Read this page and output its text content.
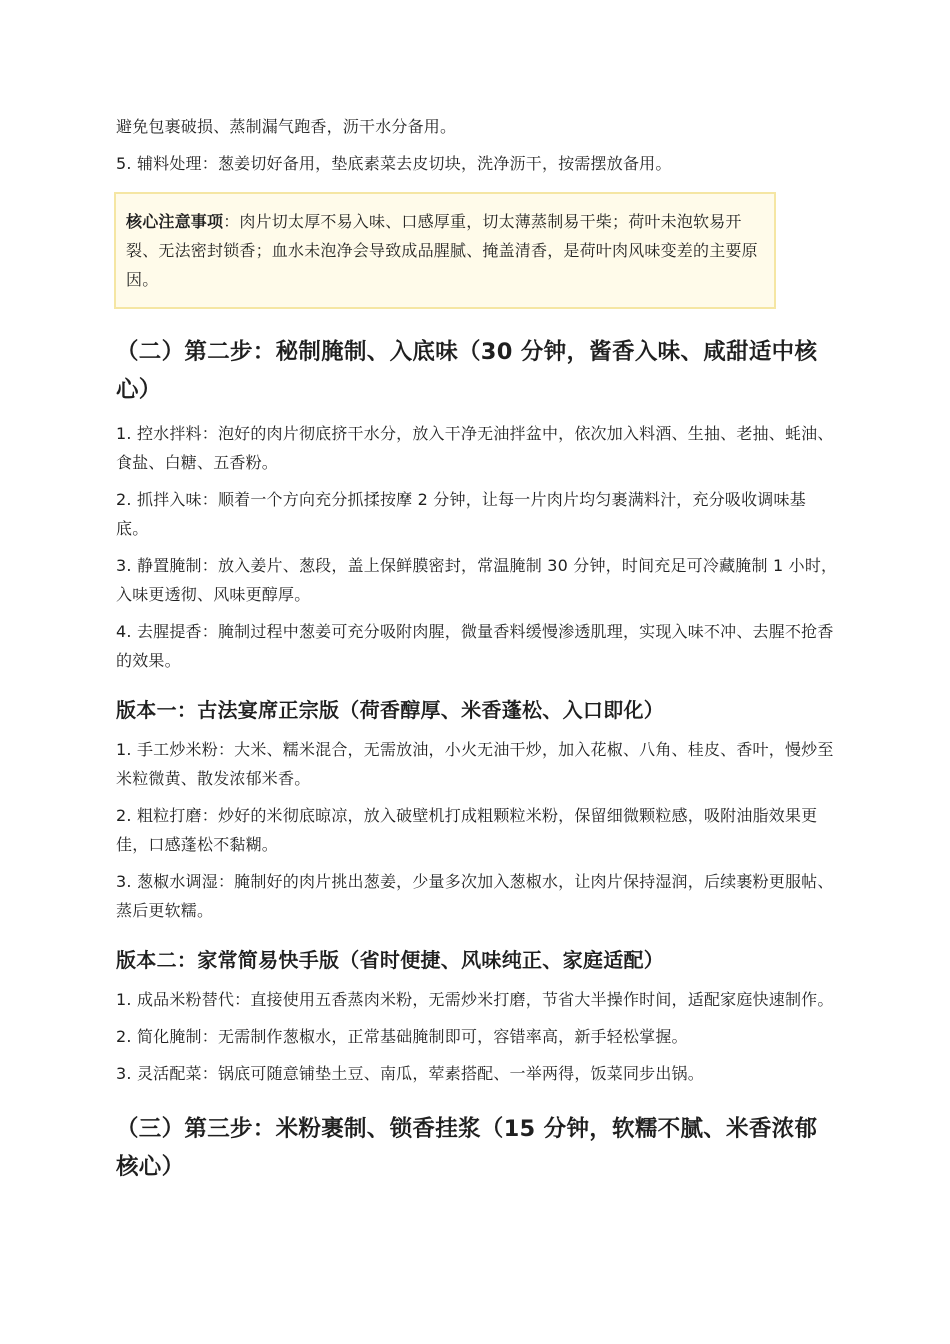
避免包裹破损、蒸制漏气跑香，沥干水分备用。

5. 辅料处理：葱姜切好备用，垫底素菜去皮切块，洗净沥干，按需摆放备用。

核心注意事项：肉片切太厚不易入味、口感厚重，切太薄蒸制易干柴；荷叶未泡软易开裂、无法密封锁香；血水未泡净会导致成品腥腻、掩盖清香，是荷叶肉风味变差的主要原因。
（二）第二步：秘制腌制、入底味（30 分钟，酱香入味、咸甜适中核心）

1. 控水拌料：泡好的肉片彻底挤干水分，放入干净无油拌盆中，依次加入料酒、生抽、老抽、蚝油、食盐、白糖、五香粉。

2. 抓拌入味：顺着一个方向充分抓揉按摩 2 分钟，让每一片肉片均匀裹满料汁，充分吸收调味基底。

3. 静置腌制：放入姜片、葱段，盖上保鲜膜密封，常温腌制 30 分钟，时间充足可冷藏腌制 1 小时，入味更透彻、风味更醇厚。

4. 去腥提香：腌制过程中葱姜可充分吸附肉腥，微量香料缓慢渗透肌理，实现入味不冲、去腥不抢香的效果。

版本一：古法宴席正宗版（荷香醇厚、米香蓬松、入口即化）

1. 手工炒米粉：大米、糯米混合，无需放油，小火无油干炒，加入花椒、八角、桂皮、香叶，慢炒至米粒微黄、散发浓郁米香。

2. 粗粒打磨：炒好的米彻底晾凉，放入破壁机打成粗颗粒米粉，保留细微颗粒感，吸附油脂效果更佳，口感蓬松不黏糊。

3. 葱椒水调湿：腌制好的肉片挑出葱姜，少量多次加入葱椒水，让肉片保持湿润，后续裹粉更服帖、蒸后更软糯。

版本二：家常简易快手版（省时便捷、风味纯正、家庭适配）

1. 成品米粉替代：直接使用五香蒸肉米粉，无需炒米打磨，节省大半操作时间，适配家庭快速制作。

2. 简化腌制：无需制作葱椒水，正常基础腌制即可，容错率高，新手轻松掌握。

3. 灵活配菜：锅底可随意铺垫土豆、南瓜，荤素搭配、一举两得，饭菜同步出锅。

（三）第三步：米粉裹制、锁香挂浆（15 分钟，软糯不腻、米香浓郁核心）
